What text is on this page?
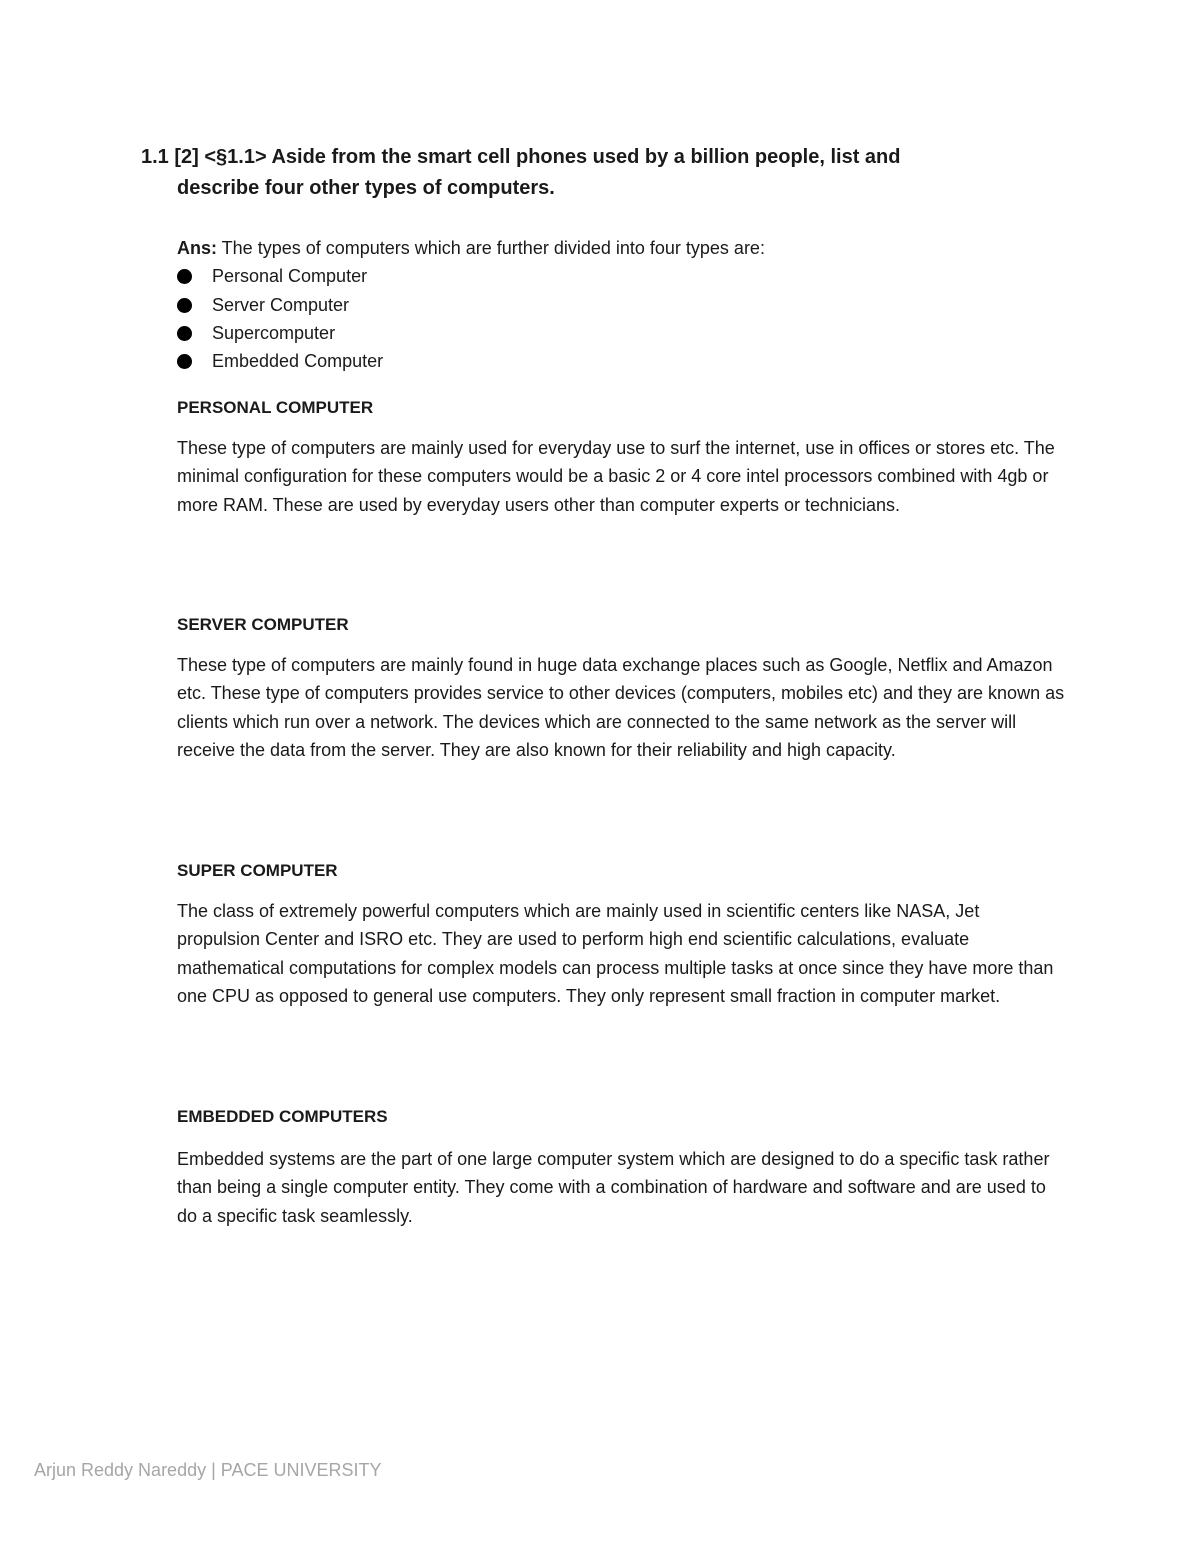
1.1 [2] <§1.1> Aside from the smart cell phones used by a billion people, list and
describe four other types of computers.

Ans: The types of computers which are further divided into four types are:

Personal Computer
Server Computer
Supercomputer
Embedded Computer

PERSONAL COMPUTER

These type of computers are mainly used for everyday use to surf the internet, use in offices or stores etc. The minimal configuration for these computers would be a basic 2 or 4 core intel processors combined with 4gb or more RAM. These are used by everyday users other than computer experts or technicians.

SERVER COMPUTER

These type of computers are mainly found in huge data exchange places such as Google, Netflix and Amazon etc. These type of computers provides service to other devices (computers, mobiles etc) and they are known as clients which run over a network. The devices which are connected to the same network as the server will receive the data from the server. They are also known for their reliability and high capacity.

SUPER COMPUTER

The class of extremely powerful computers which are mainly used in scientific centers like NASA, Jet propulsion Center and ISRO etc. They are used to perform high end scientific calculations, evaluate mathematical computations for complex models can process multiple tasks at once since they have more than one CPU as opposed to general use computers. They only represent small fraction in computer market.

EMBEDDED COMPUTERS

Embedded systems are the part of one large computer system which are designed to do a specific task rather than being a single computer entity. They come with a combination of hardware and software and are used to do a specific task seamlessly.

Arjun Reddy Nareddy | PACE UNIVERSITY
